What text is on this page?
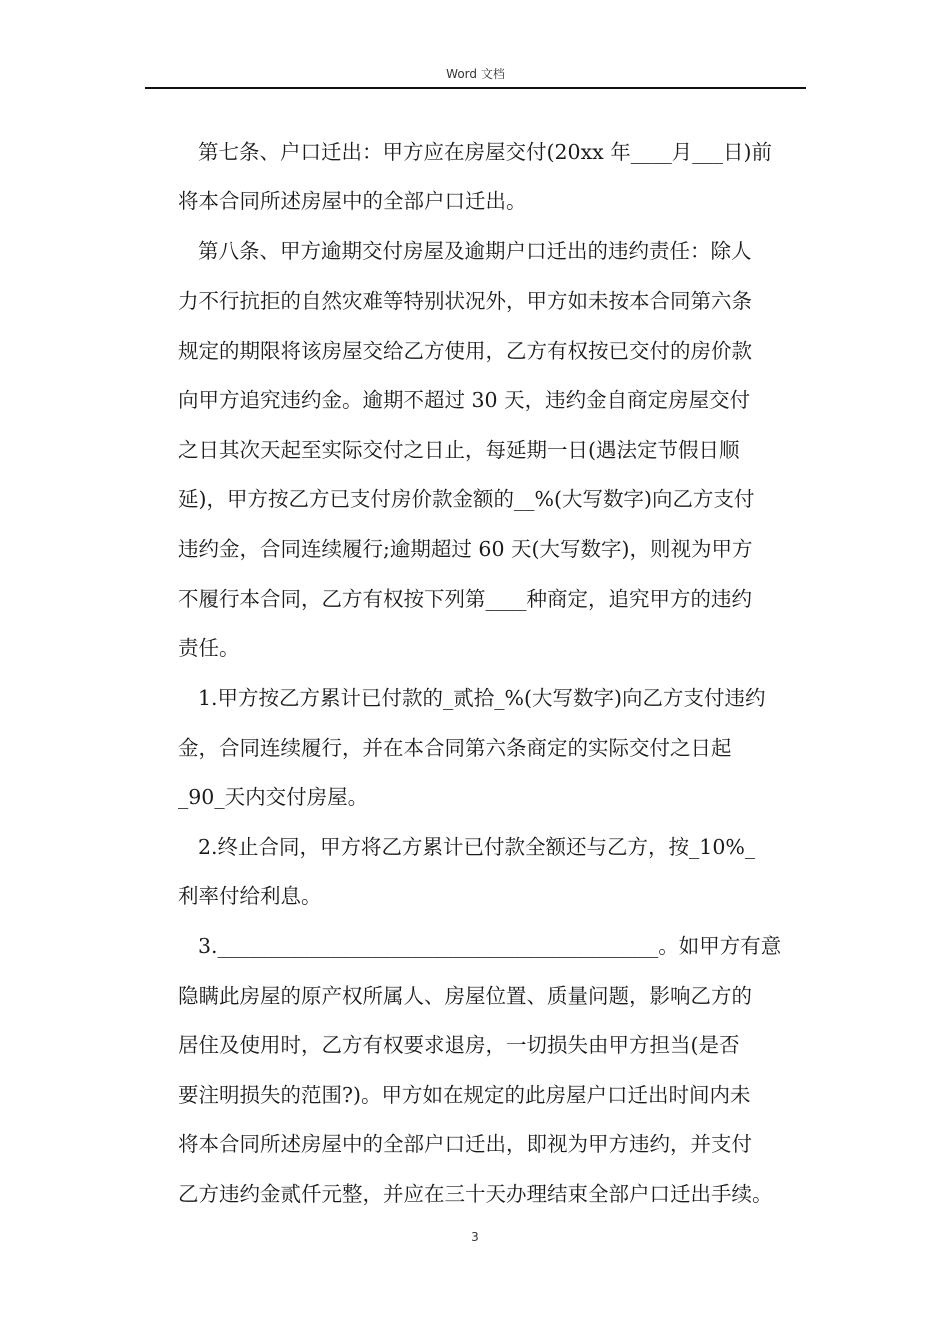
Word 文档
第七条、户口迁出：甲方应在房屋交付(20xx 年____月___日)前
将本合同所述房屋中的全部户口迁出。
第八条、甲方逾期交付房屋及逾期户口迁出的违约责任：除人
力不行抗拒的自然灾难等特别状况外，甲方如未按本合同第六条
规定的期限将该房屋交给乙方使用，乙方有权按已交付的房价款
向甲方追究违约金。逾期不超过 30 天，违约金自商定房屋交付
之日其次天起至实际交付之日止，每延期一日(遇法定节假日顺
延)，甲方按乙方已支付房价款金额的__%(大写数字)向乙方支付
违约金，合同连续履行;逾期超过 60 天(大写数字)，则视为甲方
不履行本合同，乙方有权按下列第____种商定，追究甲方的违约
责任。
1.甲方按乙方累计已付款的_贰拾_%(大写数字)向乙方支付违约
金，合同连续履行，并在本合同第六条商定的实际交付之日起
_90_天内交付房屋。
2.终止合同，甲方将乙方累计已付款全额还与乙方，按_10%_
利率付给利息。
3.___________________________________________。如甲方有意
隐瞒此房屋的原产权所属人、房屋位置、质量问题，影响乙方的
居住及使用时，乙方有权要求退房，一切损失由甲方担当(是否
要注明损失的范围?)。甲方如在规定的此房屋户口迁出时间内未
将本合同所述房屋中的全部户口迁出，即视为甲方违约，并支付
乙方违约金贰仟元整，并应在三十天办理结束全部户口迁出手续。
3
